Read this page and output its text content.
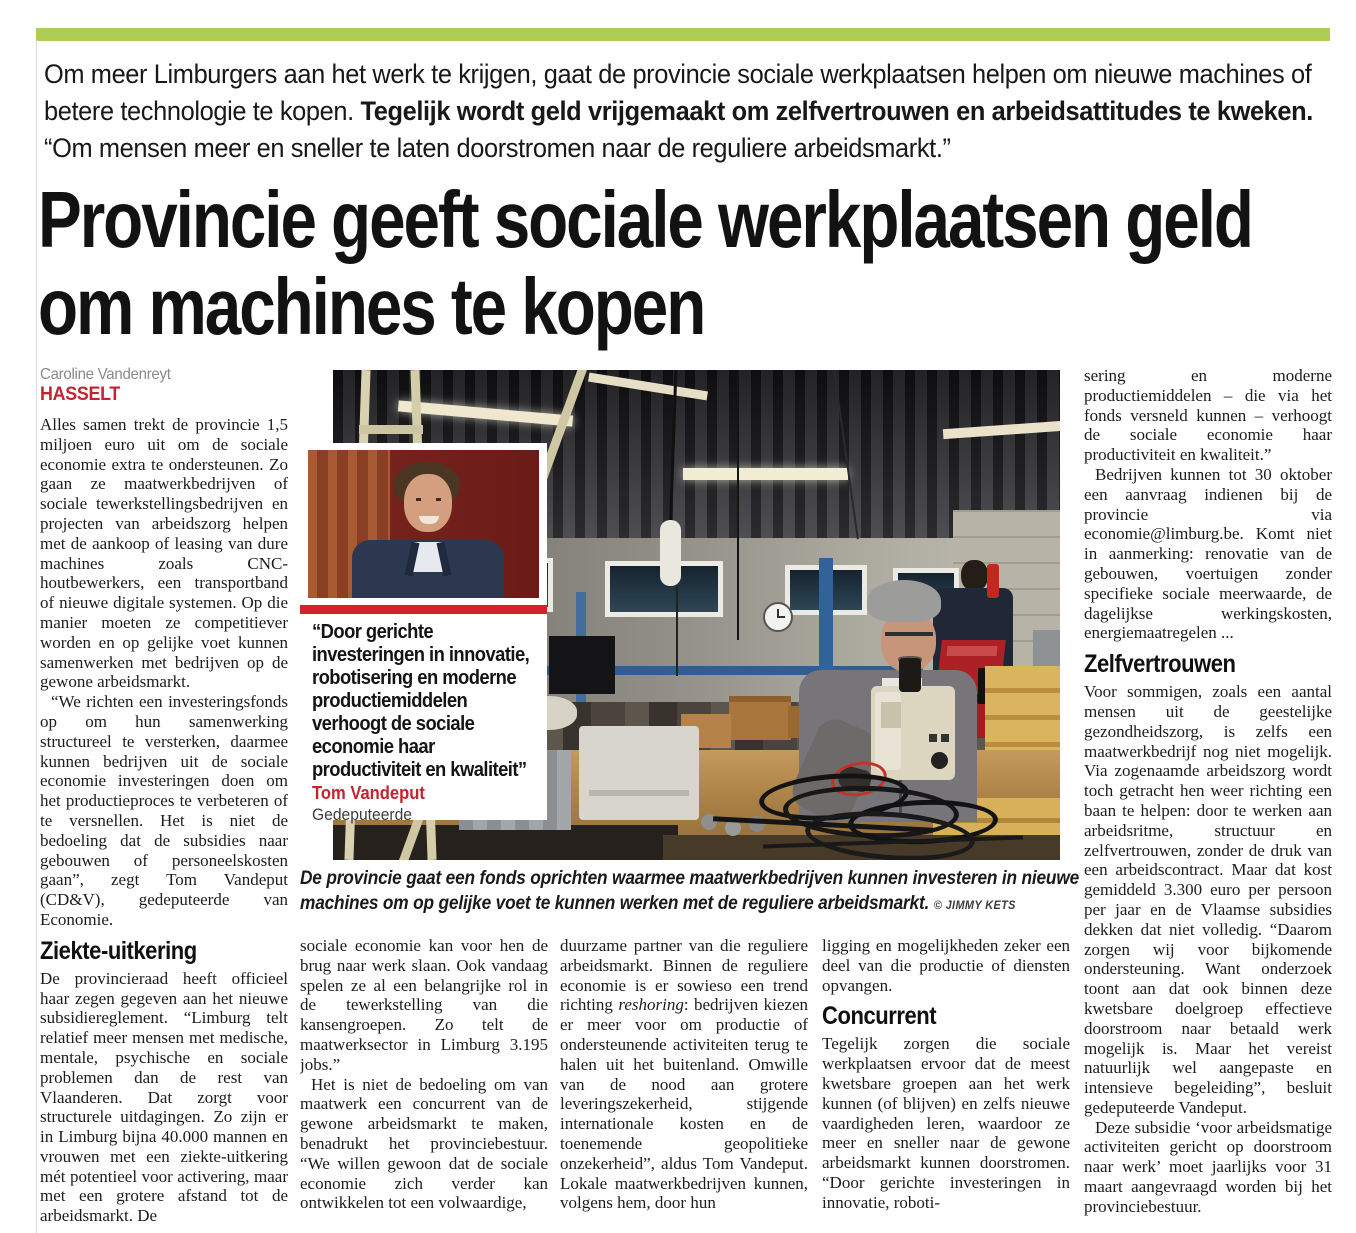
Om meer Limburgers aan het werk te krijgen, gaat de provincie sociale werkplaatsen helpen om nieuwe machines of betere technologie te kopen. Tegelijk wordt geld vrijgemaakt om zelfvertrouwen en arbeidsattitudes te kweken. “Om mensen meer en sneller te laten doorstromen naar de reguliere arbeidsmarkt.”
Provincie geeft sociale werkplaatsen geld om machines te kopen
Caroline Vandenreyt
HASSELT

Alles samen trekt de provincie 1,5 miljoen euro uit om de sociale economie extra te ondersteunen. Zo gaan ze maatwerkbedrijven of sociale tewerkstellingsbedrijven en projecten van arbeidszorg helpen met de aankoop of leasing van dure machines zoals CNC-houtbewerkers, een transportband of nieuwe digitale systemen. Op die manier moeten ze competitiever worden en op gelijke voet kunnen samenwerken met bedrijven op de gewone arbeidsmarkt.

“We richten een investeringsfonds op om hun samenwerking structureel te versterken, daarmee kunnen bedrijven uit de sociale economie investeringen doen om het productieproces te verbeteren of te versnellen. Het is niet de bedoeling dat de subsidies naar gebouwen of personeelskosten gaan”, zegt Tom Vandeput (CD&V), gedeputeerde van Economie.

Ziekte-uitkering

De provincieraad heeft officieel haar zegen gegeven aan het nieuwe subsidiereglement. “Limburg telt relatief meer mensen met medische, mentale, psychische en sociale problemen dan de rest van Vlaanderen. Dat zorgt voor structurele uitdagingen. Zo zijn er in Limburg bijna 40.000 mannen en vrouwen met een ziekte-uitkering mét potentieel voor activering, maar met een grotere afstand tot de arbeidsmarkt. De

“Door gerichte investeringen in innovatie, robotisering en moderne productiemiddelen verhoogt de sociale economie haar productiviteit en kwaliteit”
Tom Vandeput
Gedeputeerde
De provincie gaat een fonds oprichten waarmee maatwerkbedrijven kunnen investeren in nieuwe machines om op gelijke voet te kunnen werken met de reguliere arbeidsmarkt. © JIMMY KETS

sociale economie kan voor hen de brug naar werk slaan. Ook vandaag spelen ze al een belangrijke rol in de tewerkstelling van die kansengroepen. Zo telt de maatwerksector in Limburg 3.195 jobs.”

Het is niet de bedoeling om van maatwerk een concurrent van de gewone arbeidsmarkt te maken, benadrukt het provinciebestuur. “We willen gewoon dat de sociale economie zich verder kan ontwikkelen tot een volwaardige,

duurzame partner van die reguliere arbeidsmarkt. Binnen de reguliere economie is er sowieso een trend richting reshoring: bedrijven kiezen er meer voor om productie of ondersteunende activiteiten terug te halen uit het buitenland. Omwille van de nood aan grotere leveringszekerheid, stijgende internationale kosten en de toenemende geopolitieke onzekerheid”, aldus Tom Vandeput. Lokale maatwerkbedrijven kunnen, volgens hem, door hun

ligging en mogelijkheden zeker een deel van die productie of diensten opvangen.

Concurrent

Tegelijk zorgen die sociale werkplaatsen ervoor dat de meest kwetsbare groepen aan het werk kunnen (of blijven) en zelfs nieuwe vaardigheden leren, waardoor ze meer en sneller naar de gewone arbeidsmarkt kunnen doorstromen. “Door gerichte investeringen in innovatie, roboti-

sering en moderne productiemiddelen – die via het fonds versneld kunnen – verhoogt de sociale economie haar productiviteit en kwaliteit.”

Bedrijven kunnen tot 30 oktober een aanvraag indienen bij de provincie via economie@limburg.be. Komt niet in aanmerking: renovatie van de gebouwen, voertuigen zonder specifieke sociale meerwaarde, de dagelijkse werkingskosten, energiemaatregelen ...

Zelfvertrouwen

Voor sommigen, zoals een aantal mensen uit de geestelijke gezondheidszorg, is zelfs een maatwerkbedrijf nog niet mogelijk. Via zogenaamde arbeidszorg wordt toch getracht hen weer richting een baan te helpen: door te werken aan arbeidsritme, structuur en zelfvertrouwen, zonder de druk van een arbeidscontract. Maar dat kost gemiddeld 3.300 euro per persoon per jaar en de Vlaamse subsidies dekken dat niet volledig. “Daarom zorgen wij voor bijkomende ondersteuning. Want onderzoek toont aan dat ook binnen deze kwetsbare doelgroep effectieve doorstroom naar betaald werk mogelijk is. Maar het vereist natuurlijk wel aangepaste en intensieve begeleiding”, besluit gedeputeerde Vandeput.

Deze subsidie ‘voor arbeidsmatige activiteiten gericht op doorstroom naar werk’ moet jaarlijks voor 31 maart aangevraagd worden bij het provinciebestuur.
